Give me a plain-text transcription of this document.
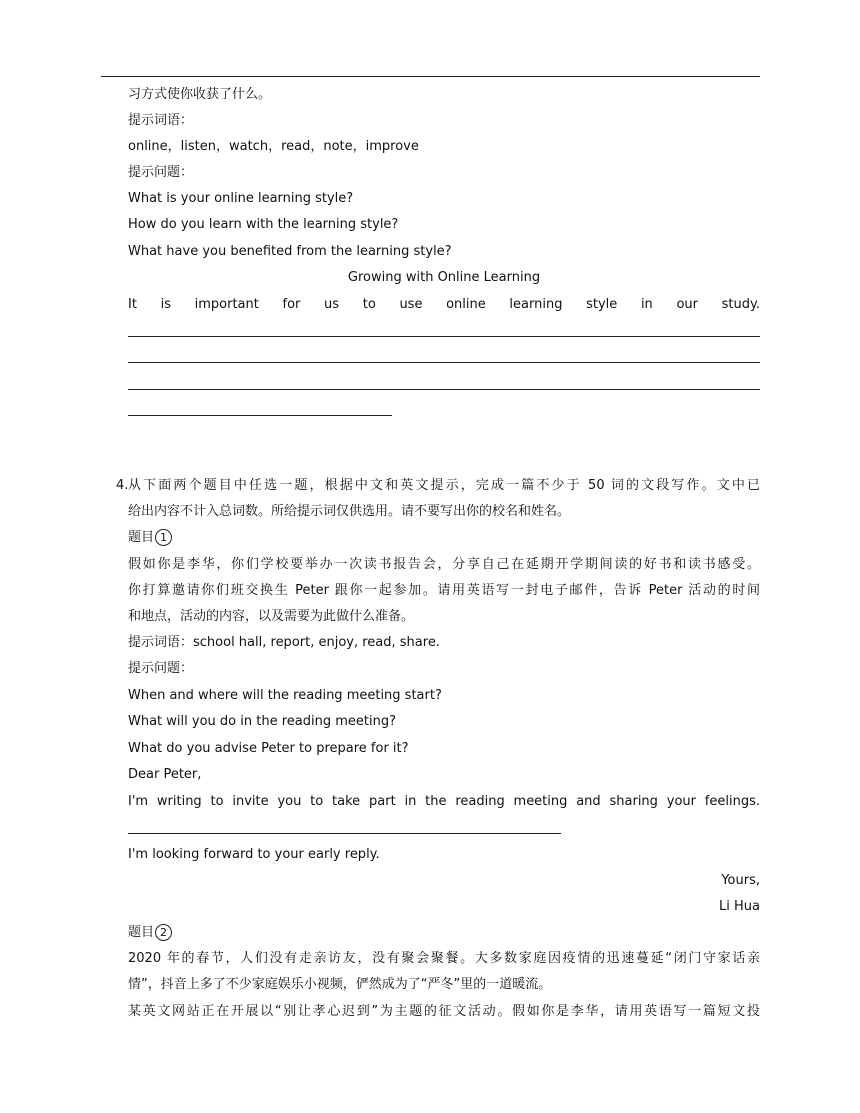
习方式使你收获了什么。
提示词语：
online，listen，watch，read，note，improve
提示问题：
What is your online learning style?
How do you learn with the learning style?
What have you benefited from the learning style?
Growing with Online Learning
It is important for us to use online learning style in our study.
4. 从下面两个题目中任选一题，根据中文和英文提示，完成一篇不少于 50 词的文段写作。文中已
给出内容不计入总词数。所给提示词仅供选用。请不要写出你的校名和姓名。
题目 1
假如你是李华，你们学校要举办一次读书报告会，分享自己在延期开学期间读的好书和读书感受。
你打算邀请你们班交换生 Peter 跟你一起参加。请用英语写一封电子邮件，告诉 Peter 活动的时间
和地点，活动的内容，以及需要为此做什么准备。
提示词语：school hall, report, enjoy, read, share.
提示问题：
When and where will the reading meeting start?
What will you do in the reading meeting?
What do you advise Peter to prepare for it?
Dear Peter,
I'm writing to invite you to take part in the reading meeting and sharing your feelings.
I'm looking forward to your early reply.
Yours,
Li Hua
题目 2
2020 年的春节，人们没有走亲访友，没有聚会聚餐。大多数家庭因疫情的迅速蔓延“闭门守家话亲
情”，抖音上多了不少家庭娱乐小视频，俨然成为了“严冬”里的一道暖流。
某英文网站正在开展以“别让孝心迟到”为主题的征文活动。假如你是李华，请用英语写一篇短文投
